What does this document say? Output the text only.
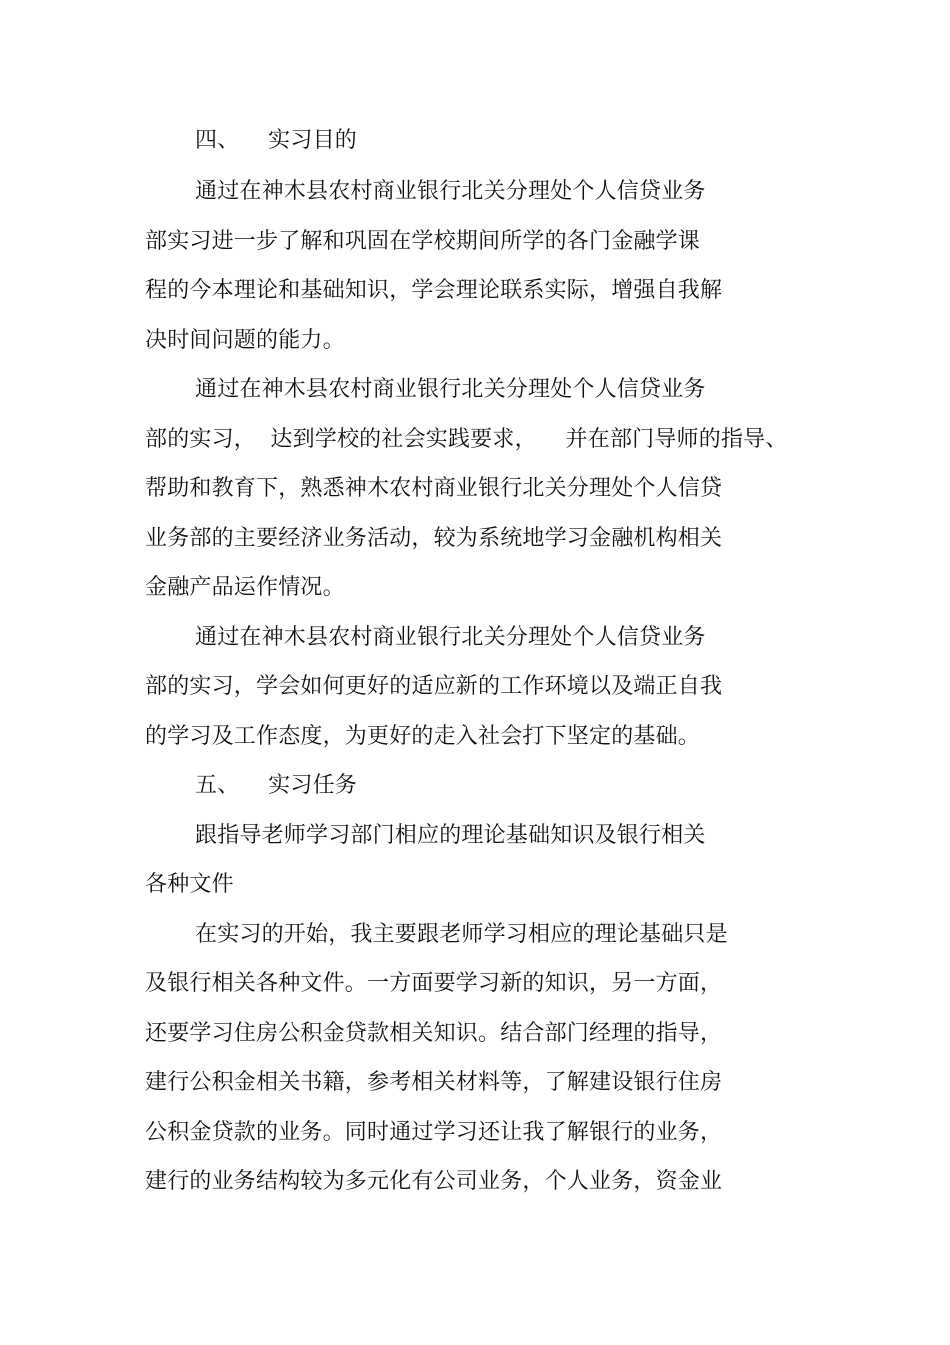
四、    实习目的
通过在神木县农村商业银行北关分理处个人信贷业务
部实习进一步了解和巩固在学校期间所学的各门金融学课
程的今本理论和基础知识，学会理论联系实际，增强自我解
决时间问题的能力。
通过在神木县农村商业银行北关分理处个人信贷业务
部的实习，  达到学校的社会实践要求，    并在部门导师的指导、
帮助和教育下，熟悉神木农村商业银行北关分理处个人信贷
业务部的主要经济业务活动，较为系统地学习金融机构相关
金融产品运作情况。
通过在神木县农村商业银行北关分理处个人信贷业务
部的实习，学会如何更好的适应新的工作环境以及端正自我
的学习及工作态度，为更好的走入社会打下坚定的基础。
五、    实习任务
跟指导老师学习部门相应的理论基础知识及银行相关
各种文件
在实习的开始，我主要跟老师学习相应的理论基础只是
及银行相关各种文件。一方面要学习新的知识，另一方面，
还要学习住房公积金贷款相关知识。结合部门经理的指导，
建行公积金相关书籍，参考相关材料等，了解建设银行住房
公积金贷款的业务。同时通过学习还让我了解银行的业务，
建行的业务结构较为多元化有公司业务，个人业务，资金业
